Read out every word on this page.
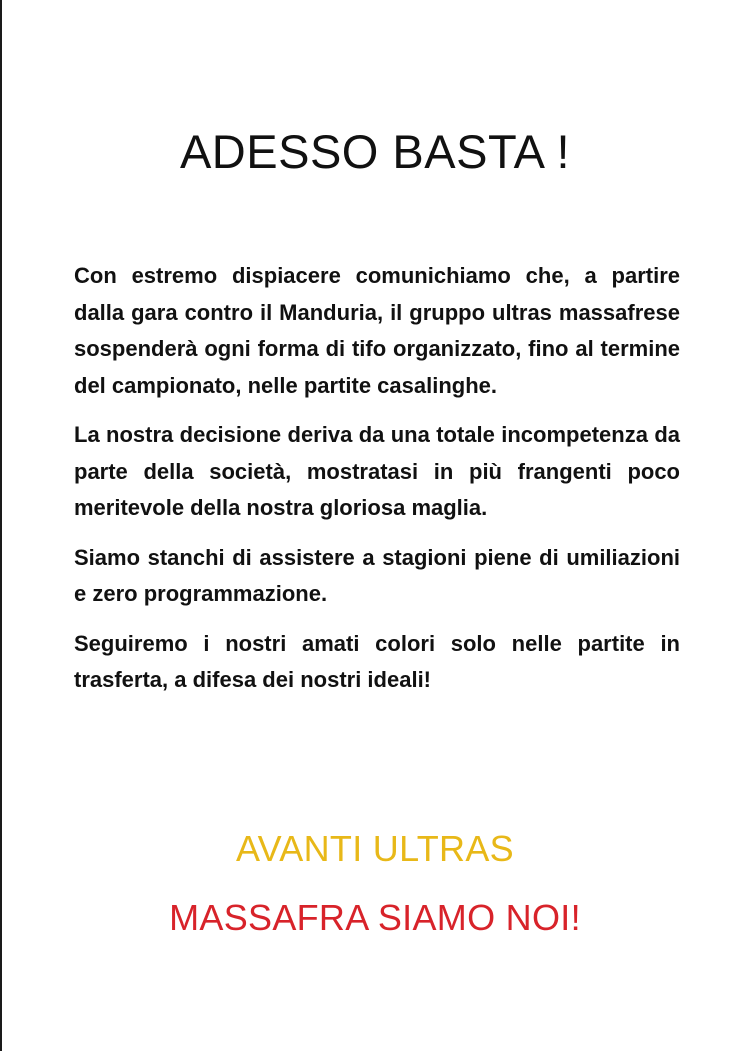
ADESSO BASTA !

Con estremo dispiacere comunichiamo che, a partire dalla gara contro il Manduria, il gruppo ultras massafrese sospenderà ogni forma di tifo organizzato, fino al termine del campionato, nelle partite casalinghe.

La nostra decisione deriva da una totale incompetenza da parte della società, mostratasi in più frangenti poco meritevole della nostra gloriosa maglia.

Siamo stanchi di assistere a stagioni piene di umiliazioni e zero programmazione.

Seguiremo i nostri amati colori solo nelle partite in trasferta, a difesa dei nostri ideali!

AVANTI ULTRAS
MASSAFRA SIAMO NOI!
